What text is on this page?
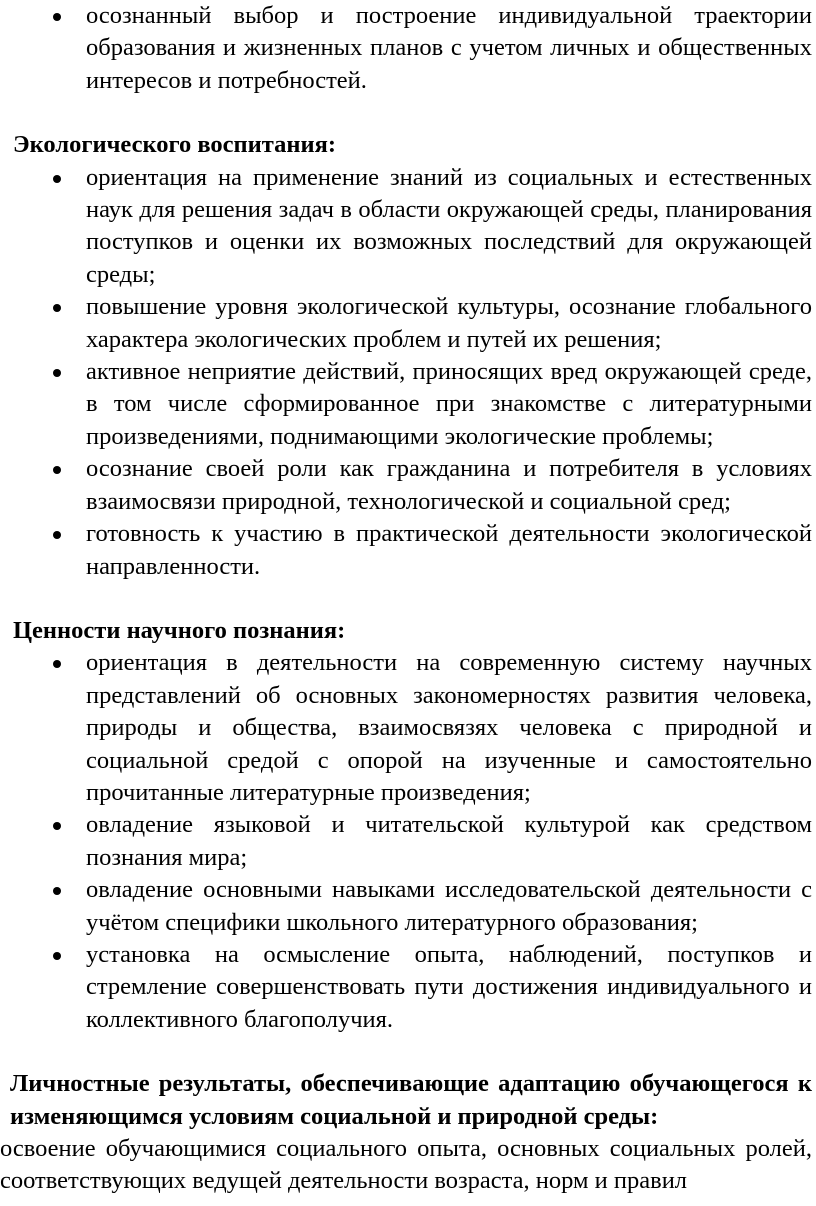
осознанный выбор и построение индивидуальной траектории образования и жизненных планов с учетом личных и общественных интересов и потребностей.
Экологического воспитания:
ориентация на применение знаний из социальных и естественных наук для решения задач в области окружающей среды, планирования поступков и оценки их возможных последствий для окружающей среды;
повышение уровня экологической культуры, осознание глобального характера экологических проблем и путей их решения;
активное неприятие действий, приносящих вред окружающей среде, в том числе сформированное при знакомстве с литературными произведениями, поднимающими экологические проблемы;
осознание своей роли как гражданина и потребителя в условиях взаимосвязи природной, технологической и социальной сред;
готовность к участию в практической деятельности экологической направленности.
Ценности научного познания:
ориентация в деятельности на современную систему научных представлений об основных закономерностях развития человека, природы и общества, взаимосвязях человека с природной и социальной средой с опорой на изученные и самостоятельно прочитанные литературные произведения;
овладение языковой и читательской культурой как средством познания мира;
овладение основными навыками исследовательской деятельности с учётом специфики школьного литературного образования;
установка на осмысление опыта, наблюдений, поступков и стремление совершенствовать пути достижения индивидуального и коллективного благополучия.
Личностные результаты, обеспечивающие адаптацию обучающегося к изменяющимся условиям социальной и природной среды:
освоение обучающимися социального опыта, основных социальных ролей, соответствующих ведущей деятельности возраста, норм и правил
